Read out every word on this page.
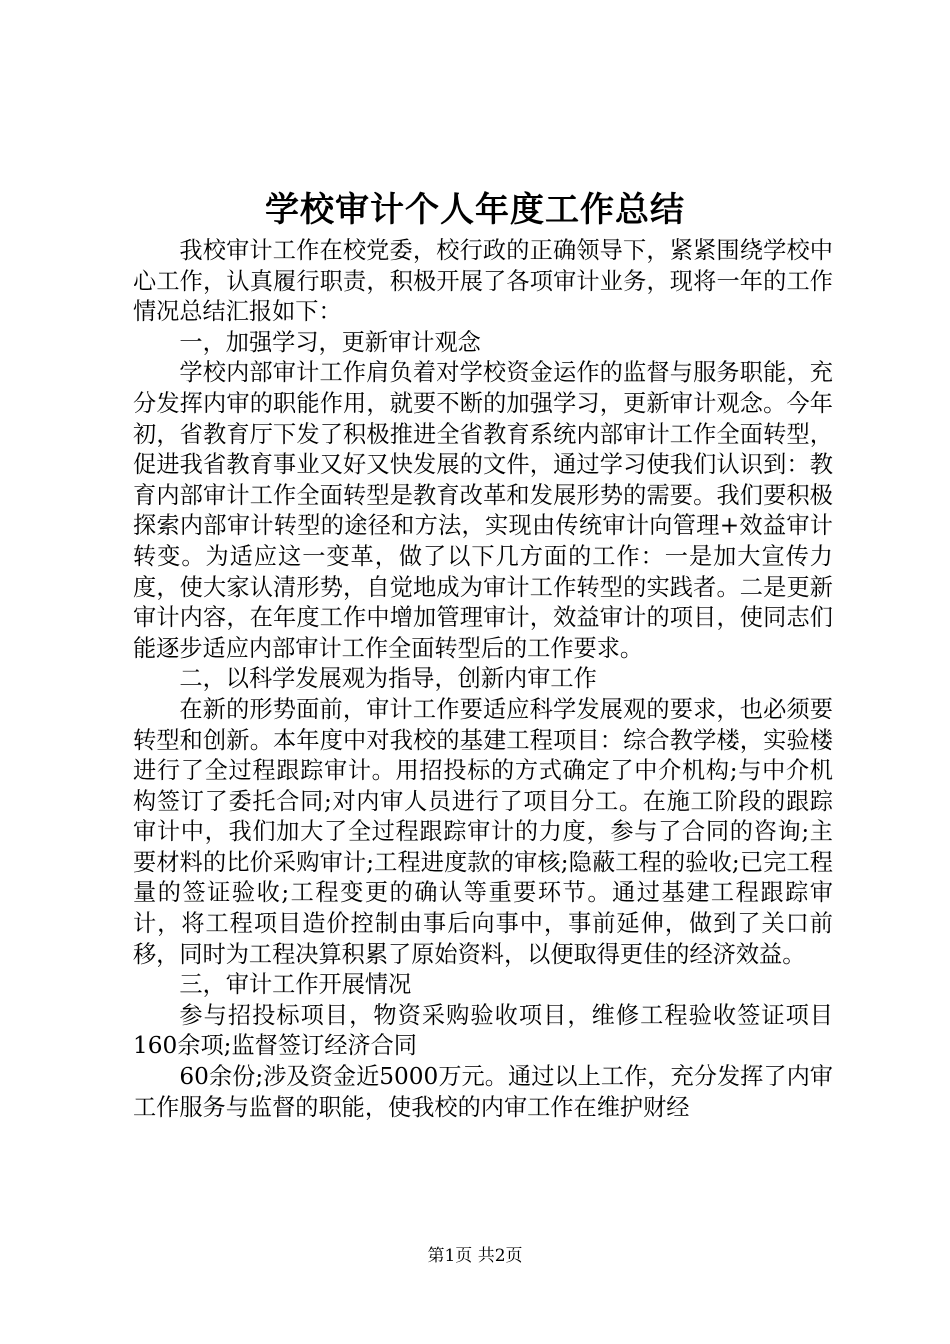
学校审计个人年度工作总结

我校审计工作在校党委，校行政的正确领导下，紧紧围绕学校中心工作，认真履行职责，积极开展了各项审计业务，现将一年的工作情况总结汇报如下：

一，加强学习，更新审计观念

学校内部审计工作肩负着对学校资金运作的监督与服务职能，充分发挥内审的职能作用，就要不断的加强学习，更新审计观念。今年初，省教育厅下发了积极推进全省教育系统内部审计工作全面转型，促进我省教育事业又好又快发展的文件，通过学习使我们认识到：教育内部审计工作全面转型是教育改革和发展形势的需要。我们要积极探索内部审计转型的途径和方法，实现由传统审计向管理+效益审计转变。为适应这一变革，做了以下几方面的工作：一是加大宣传力度，使大家认清形势，自觉地成为审计工作转型的实践者。二是更新审计内容，在年度工作中增加管理审计，效益审计的项目，使同志们能逐步适应内部审计工作全面转型后的工作要求。

二，以科学发展观为指导，创新内审工作

在新的形势面前，审计工作要适应科学发展观的要求，也必须要转型和创新。本年度中对我校的基建工程项目：综合教学楼，实验楼进行了全过程跟踪审计。用招投标的方式确定了中介机构;与中介机构签订了委托合同;对内审人员进行了项目分工。在施工阶段的跟踪审计中，我们加大了全过程跟踪审计的力度，参与了合同的咨询;主要材料的比价采购审计;工程进度款的审核;隐蔽工程的验收;已完工程量的签证验收;工程变更的确认等重要环节。通过基建工程跟踪审计，将工程项目造价控制由事后向事中，事前延伸，做到了关口前移，同时为工程决算积累了原始资料，以便取得更佳的经济效益。

三，审计工作开展情况

参与招投标项目，物资采购验收项目，维修工程验收签证项目160余项;监督签订经济合同

60余份;涉及资金近5000万元。通过以上工作，充分发挥了内审工作服务与监督的职能，使我校的内审工作在维护财经

第1页 共2页
